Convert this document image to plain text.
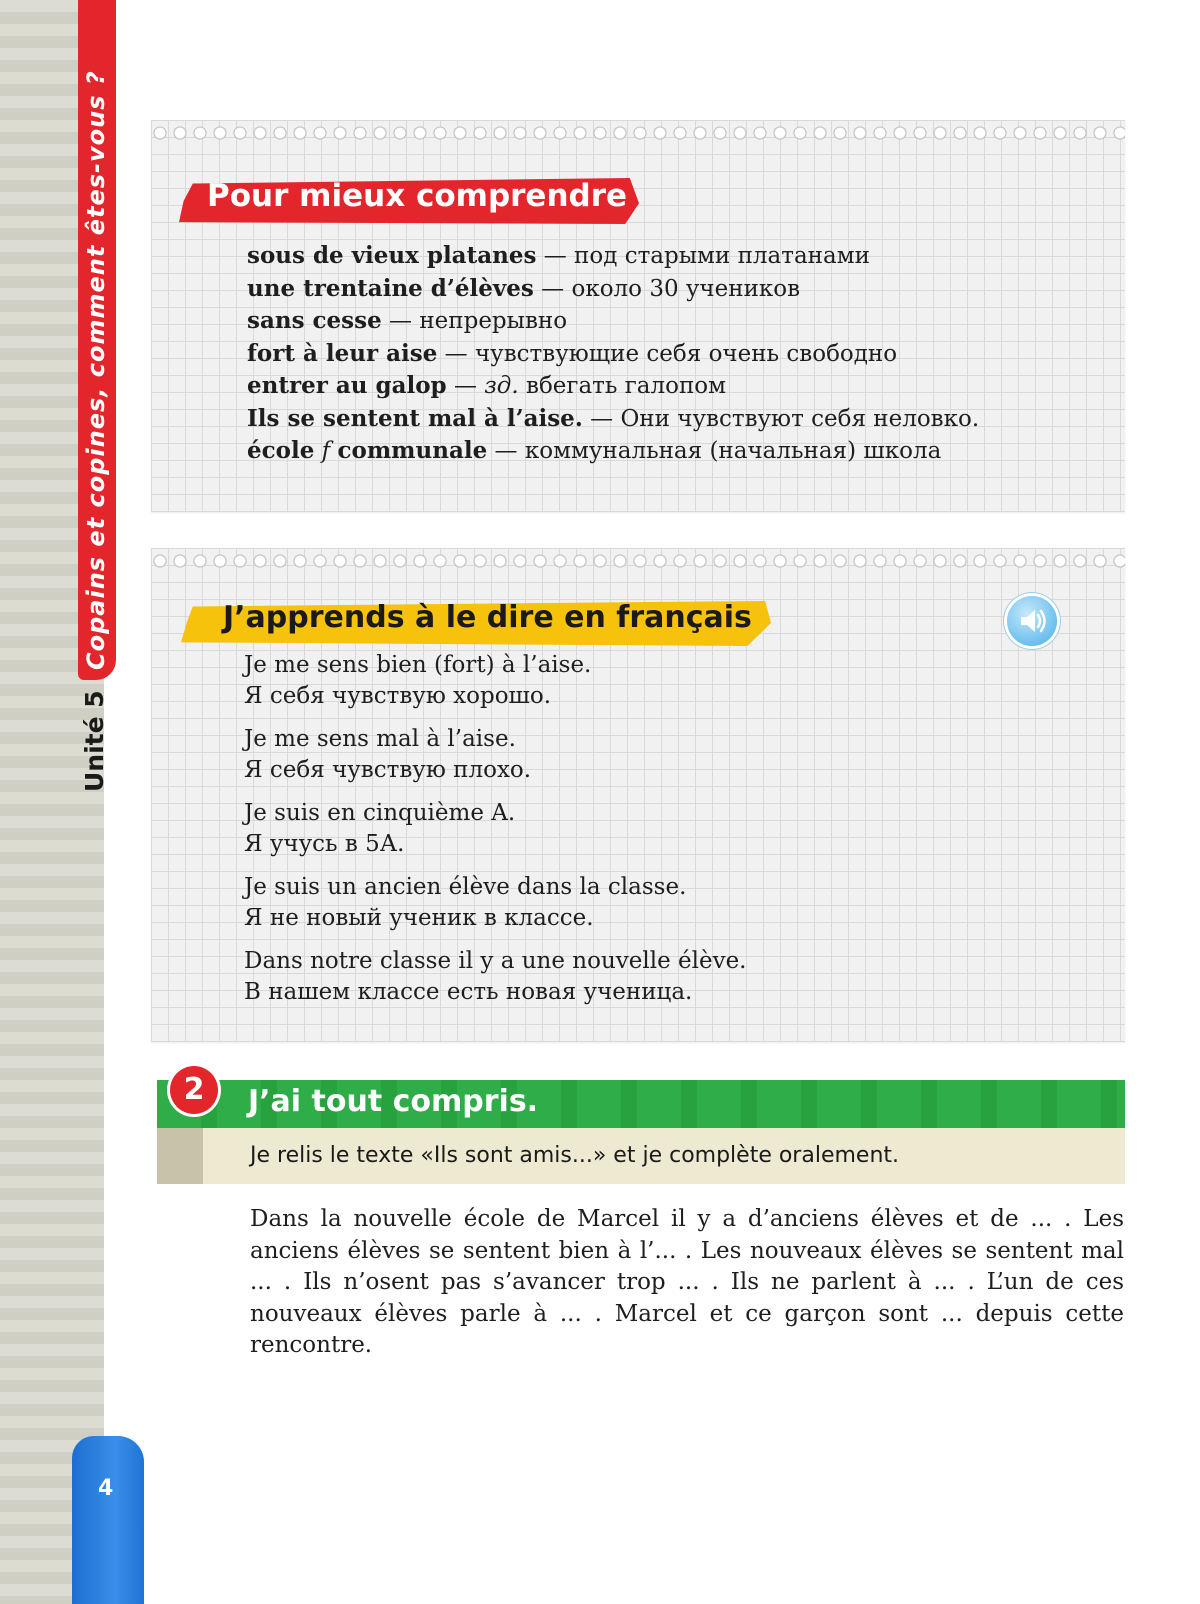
Copains et copines, comment êtes-vous ?
Unité 5
4
Pour mieux comprendre
sous de vieux platanes — под старыми платанами
une trentaine d’élèves — около 30 учеников
sans cesse — непрерывно
fort à leur aise — чувствующие себя очень свободно
entrer au galop — зд. вбегать галопом
Ils se sentent mal à l’aise. — Они чувствуют себя неловко.
école f communale — коммунальная (начальная) школа
J’apprends à le dire en français
Je me sens bien (fort) à l’aise.
Я себя чувствую хорошо.
Je me sens mal à l’aise.
Я себя чувствую плохо.
Je suis en cinquième A.
Я учусь в 5А.
Je suis un ancien élève dans la classe.
Я не новый ученик в классе.
Dans notre classe il y a une nouvelle élève.
В нашем классе есть новая ученица.
2	J’ai tout compris.
Je relis le texte «Ils sont amis...» et je complète oralement.
Dans la nouvelle école de Marcel il y a d’anciens élèves et de ... . Les anciens élèves se sentent bien à l’... . Les nouveaux élèves se sentent mal ... . Ils n’osent pas s’avancer trop ... . Ils ne parlent à ... . L’un de ces nouveaux élèves parle à ... . Marcel et ce garçon sont ... depuis cette rencontre.
